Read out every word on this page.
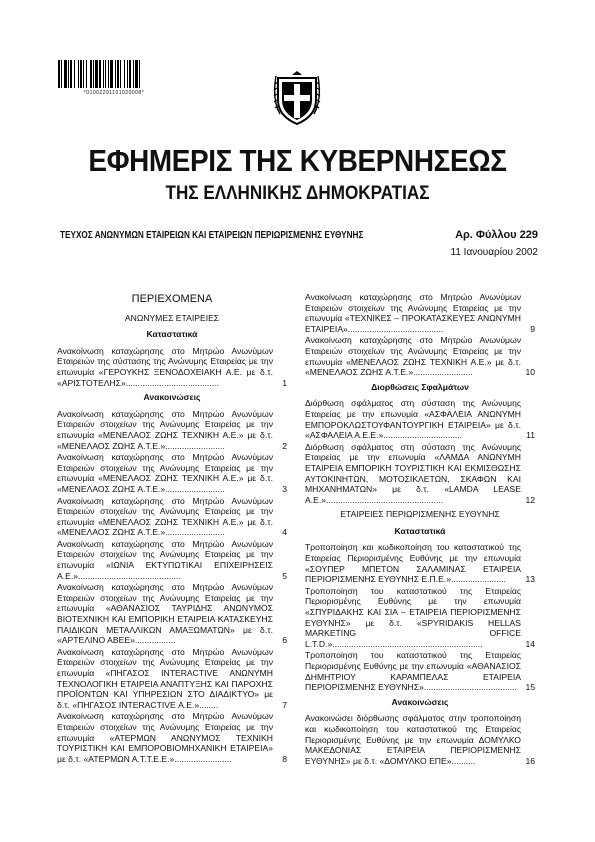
*01002291101020008*
ΕΦΗΜΕΡΙΣ ΤΗΣ ΚΥΒΕΡΝΗΣΕΩΣ
ΤΗΣ ΕΛΛΗΝΙΚΗΣ ΔΗΜΟΚΡΑΤΙΑΣ
ΤΕΥΧΟΣ ΑΝΩΝΥΜΩΝ ΕΤΑΙΡΕΙΩΝ ΚΑΙ ΕΤΑΙΡΕΙΩΝ ΠΕΡΙΩΡΙΣΜΕΝΗΣ ΕΥΘΥΝΗΣ	Αρ. Φύλλου 229
11 Ιανουαρίου 2002
ΠΕΡΙΕΧΟΜΕΝΑ
ΑΝΩΝΥΜΕΣ ΕΤΑΙΡΕΙΕΣ
Καταστατικά
Ανακοίνωση καταχώρησης στο Μητρώο Ανωνύμων Εταιρειών της σύστασης της Ανώνυμης Εταιρείας με την επωνυμία «ΓΕΡΟΥΚΗΣ ΞΕΝΟΔΟΧΕΙΑΚΗ Α.Ε. με δ.τ. «ΑΡΙΣΤΟΤΕΛΗΣ».......................................	1
Ανακοινώσεις
Ανακοίνωση καταχώρησης στο Μητρώο Ανωνύμων Εταιρειών στοιχείων της Ανώνυμης Εταιρείας με την επωνυμία «ΜΕΝΕΛΑΟΣ ΖΩΗΣ ΤΕΧΝΙΚΗ Α.Ε.» με δ.τ. «ΜΕΝΕΛΑΟΣ ΖΩΗΣ Α.Τ.Ε.».........................	2
Ανακοίνωση καταχώρησης στο Μητρώο Ανωνύμων Εταιρειών στοιχείων της Ανώνυμης Εταιρείας με την επωνυμία «ΜΕΝΕΛΑΟΣ ΖΩΗΣ ΤΕΧΝΙΚΗ Α.Ε.» με δ.τ. «ΜΕΝΕΛΑΟΣ ΖΩΗΣ Α.Τ.Ε.».........................	3
Ανακοίνωση καταχώρησης στο Μητρώο Ανωνύμων Εταιρειών στοιχείων της Ανώνυμης Εταιρείας με την επωνυμία «ΜΕΝΕΛΑΟΣ ΖΩΗΣ ΤΕΧΝΙΚΗ Α.Ε.» με δ.τ. «ΜΕΝΕΛΑΟΣ ΖΩΗΣ Α.Τ.Ε.».........................	4
Ανακοίνωση καταχώρησης στο Μητρώο Ανωνύμων Εταιρειών στοιχείων της Ανώνυμης Εταιρείας με την επωνυμία «ΙΩΝΙΑ ΕΚΤΥΠΩΤΙΚΑΙ ΕΠΙΧΕΙΡΗΣΕΙΣ Α.Ε.»...........................................	5
Ανακοίνωση καταχώρησης στο Μητρώο Ανωνύμων Εταιρειών στοιχείων της Ανώνυμης Εταιρείας με την επωνυμία «ΑΘΑΝΑΣΙΟΣ ΤΑΥΡΙΔΗΣ ΑΝΩΝΥΜΟΣ ΒΙΟΤΕΧΝΙΚΗ ΚΑΙ ΕΜΠΟΡΙΚΗ ΕΤΑΙΡΕΙΑ ΚΑΤΑΣΚΕΥΗΣ ΠΑΙΔΙΚΩΝ ΜΕΤΑΛΛΙΚΩΝ ΑΜΑΞΩΜΑΤΩΝ» με δ.τ. «ΑΡΤΕΛΙΝΟ ΑΒΕΕ».................	6
Ανακοίνωση καταχώρησης στο Μητρώο Ανωνύμων Εταιρειών στοιχείων της Ανώνυμης Εταιρείας με την επωνυμία «ΠΗΓΑΣΟΣ INTERACTIVE ΑΝΩΝΥΜΗ ΤΕΧΝΟΛΟΓΙΚΗ ΕΤΑΙΡΕΙΑ ΑΝΑΠΤΥΞΗΣ ΚΑΙ ΠΑΡΟΧΗΣ ΠΡΟΪΟΝΤΩΝ ΚΑΙ ΥΠΗΡΕΣΙΩΝ ΣΤΟ ΔΙΑΔΙΚΤΥΟ» με δ.τ. «ΠΗΓΑΣΟΣ INTERACTIVE Α.Ε.»........	7
Ανακοίνωση καταχώρησης στο Μητρώο Ανωνύμων Εταιρειών στοιχείων της Ανώνυμης Εταιρείας με την επωνυμία «ΑΤΕΡΜΩΝ ΑΝΩΝΥΜΟΣ ΤΕΧΝΙΚΗ ΤΟΥΡΙΣΤΙΚΗ ΚΑΙ ΕΜΠΟΡΟΒΙΟΜΗΧΑΝΙΚΗ ΕΤΑΙΡΕΙΑ» με δ.τ. «ΑΤΕΡΜΩΝ Α.Τ.Τ.Ε.Ε.»........................	8
Ανακοίνωση καταχώρησης στο Μητρώο Ανωνύμων Εταιρειών στοιχείων της Ανώνυμης Εταιρείας με την επωνυμία «ΤΕΧΝΙΚΕΣ – ΠΡΟΚΑΤΑΣΚΕΥΕΣ ΑΝΩΝΥΜΗ ΕΤΑΙΡΕΙΑ»........................................	9
Ανακοίνωση καταχώρησης στο Μητρώο Ανωνύμων Εταιρειών στοιχείων της Ανώνυμης Εταιρείας με την επωνυμία «ΜΕΝΕΛΑΟΣ ΖΩΗΣ ΤΕΧΝΙΚΗ Α.Ε.» με δ.τ. «ΜΕΝΕΛΑΟΣ ΖΩΗΣ Α.Τ.Ε.».........................	10
Διορθώσεις Σφαλμάτων
Διόρθωση σφάλματος στη σύσταση της Ανώνυμης Εταιρείας με την επωνυμία «ΑΣΦΑΛΕΙΑ ΑΝΩΝΥΜΗ ΕΜΠΟΡΟΚΛΩΣΤΟΥΦΑΝΤΟΥΡΓΙΚΗ ΕΤΑΙΡΕΙΑ» με δ.τ. «ΑΣΦΑΛΕΙΑ Α.Ε.Ε.».................................	11
Διόρθωση σφάλματος στη σύσταση της Ανώνυμης Εταιρείας με την επωνυμία «ΛΑΜΔΑ ΑΝΩΝΥΜΗ ΕΤΑΙΡΕΙΑ ΕΜΠΟΡΙΚΗ ΤΟΥΡΙΣΤΙΚΗ ΚΑΙ ΕΚΜΙΣΘΩΣΗΣ ΑΥΤΟΚΙΝΗΤΩΝ, ΜΟΤΟΣΙΚΛΕΤΩΝ, ΣΚΑΦΩΝ ΚΑΙ ΜΗΧΑΝΗΜΑΤΩΝ» με δ.τ. «LAMDA LEASE Α.Ε.».................................................	12
ΕΤΑΙΡΕΙΕΣ ΠΕΡΙΩΡΙΣΜΕΝΗΣ ΕΥΘΥΝΗΣ
Καταστατικά
Τροποποίηση και κωδικοποίηση του καταστατικού της Εταιρείας Περιορισμένης Ευθύνης με την επωνυμία «ΣΟΥΠΕΡ ΜΠΕΤΟΝ ΣΑΛΑΜΙΝΑΣ ΕΤΑΙΡΕΙΑ ΠΕΡΙΟΡΙΣΜΕΝΗΣ ΕΥΘΥΝΗΣ Ε.Π.Ε.»....................... 13
Τροποποίηση του καταστατικού της Εταιρείας Περιορισμένης Ευθύνης με την επωνυμία «ΣΠΥΡΙΔΑΚΗΣ ΚΑΙ ΣΙΑ – ΕΤΑΙΡΕΙΑ ΠΕΡΙΟΡΙΣΜΕΝΗΣ ΕΥΘΥΝΗΣ» με δ.τ. «SPYRIDAKIS HELLAS MARKETING OFFICE L.T.D.»...............................................................	14
Τροποποίηση του καταστατικού της Εταιρείας Περιορισμένης Ευθύνης με την επωνυμία «ΑΘΑΝΑΣΙΟΣ ΔΗΜΗΤΡΙΟΥ ΚΑΡΑΜΠΕΛΑΣ ΕΤΑΙΡΕΙΑ ΠΕΡΙΟΡΙΣΜΕΝΗΣ ΕΥΘΥΝΗΣ»....................................... 15
Ανακοινώσεις
Ανακοινώσει διόρθωσης σφάλματος στην τροποποίηση και κωδικοποίηση του καταστατικού της Εταιρείας Περιορισμένης Ευθύνης με την επωνυμία ΔΟΜΥΛΚΟ ΜΑΚΕΔΟΝΙΑΣ ΕΤΑΙΡΕΙΑ ΠΕΡΙΟΡΙΣΜΕΝΗΣ ΕΥΘΥΝΗΣ» με δ.τ. «ΔΟΜΥΛΚΟ ΕΠΕ»..........	16
